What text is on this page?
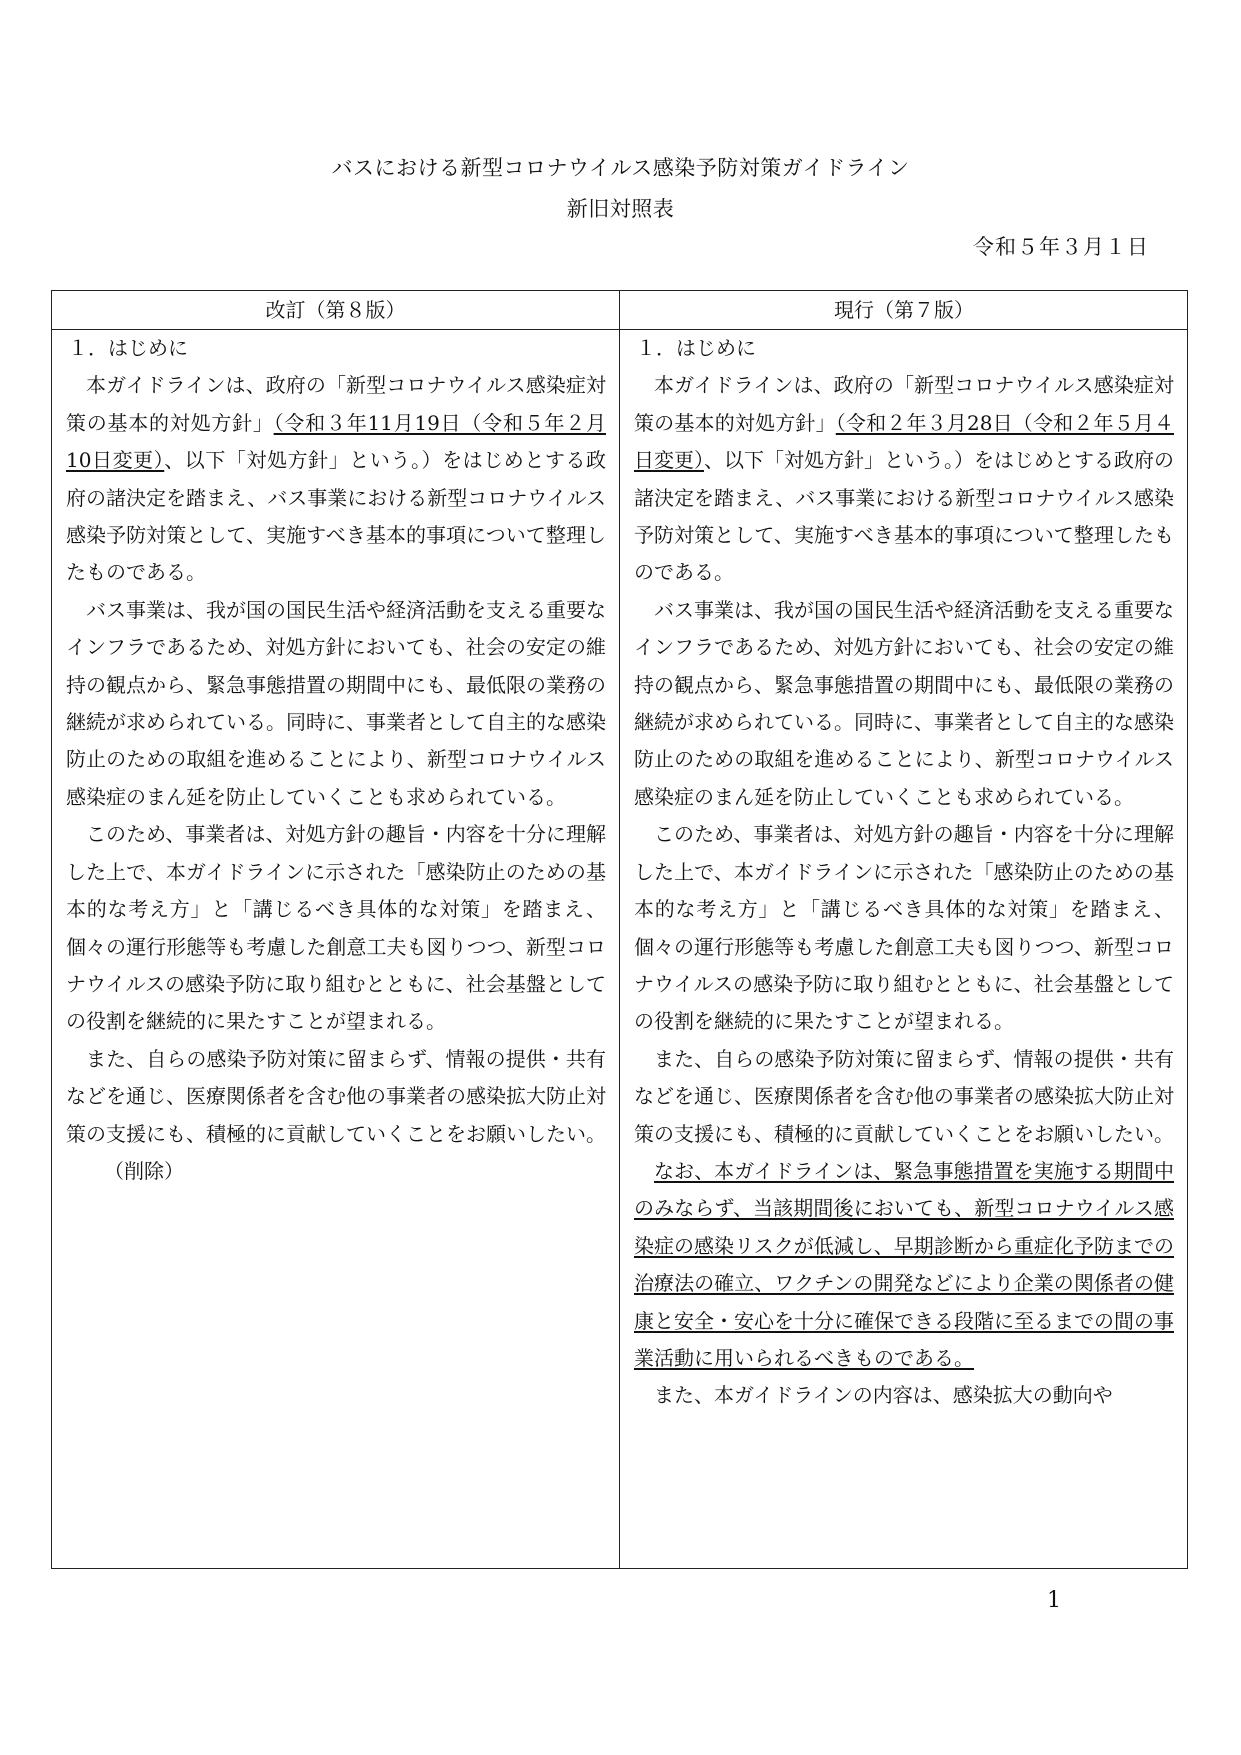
バスにおける新型コロナウイルス感染予防対策ガイドライン
新旧対照表
令和５年３月１日
改訂（第８版）	現行（第７版）

１．はじめに

本ガイドラインは、政府の「新型コロナウイルス感染症対策の基本的対処方針」（令和３年11月19日（令和５年２月10日変更）、以下「対処方針」という。）をはじめとする政府の諸決定を踏まえ、バス事業における新型コロナウイルス感染予防対策として、実施すべき基本的事項について整理したものである。

バス事業は、我が国の国民生活や経済活動を支える重要なインフラであるため、対処方針においても、社会の安定の維持の観点から、緊急事態措置の期間中にも、最低限の業務の継続が求められている。同時に、事業者として自主的な感染防止のための取組を進めることにより、新型コロナウイルス感染症のまん延を防止していくことも求められている。

このため、事業者は、対処方針の趣旨・内容を十分に理解した上で、本ガイドラインに示された「感染防止のための基本的な考え方」と「講じるべき具体的な対策」を踏まえ、個々の運行形態等も考慮した創意工夫も図りつつ、新型コロナウイルスの感染予防に取り組むとともに、社会基盤としての役割を継続的に果たすことが望まれる。

また、自らの感染予防対策に留まらず、情報の提供・共有などを通じ、医療関係者を含む他の事業者の感染拡大防止対策の支援にも、積極的に貢献していくことをお願いしたい。

（削除）

１．はじめに

本ガイドラインは、政府の「新型コロナウイルス感染症対策の基本的対処方針」（令和２年３月28日（令和２年５月４日変更）、以下「対処方針」という。）をはじめとする政府の諸決定を踏まえ、バス事業における新型コロナウイルス感染予防対策として、実施すべき基本的事項について整理したものである。

バス事業は、我が国の国民生活や経済活動を支える重要なインフラであるため、対処方針においても、社会の安定の維持の観点から、緊急事態措置の期間中にも、最低限の業務の継続が求められている。同時に、事業者として自主的な感染防止のための取組を進めることにより、新型コロナウイルス感染症のまん延を防止していくことも求められている。

このため、事業者は、対処方針の趣旨・内容を十分に理解した上で、本ガイドラインに示された「感染防止のための基本的な考え方」と「講じるべき具体的な対策」を踏まえ、個々の運行形態等も考慮した創意工夫も図りつつ、新型コロナウイルスの感染予防に取り組むとともに、社会基盤としての役割を継続的に果たすことが望まれる。

また、自らの感染予防対策に留まらず、情報の提供・共有などを通じ、医療関係者を含む他の事業者の感染拡大防止対策の支援にも、積極的に貢献していくことをお願いしたい。

なお、本ガイドラインは、緊急事態措置を実施する期間中のみならず、当該期間後においても、新型コロナウイルス感染症の感染リスクが低減し、早期診断から重症化予防までの治療法の確立、ワクチンの開発などにより企業の関係者の健康と安全・安心を十分に確保できる段階に至るまでの間の事業活動に用いられるべきものである。

また、本ガイドラインの内容は、感染拡大の動向や

1
